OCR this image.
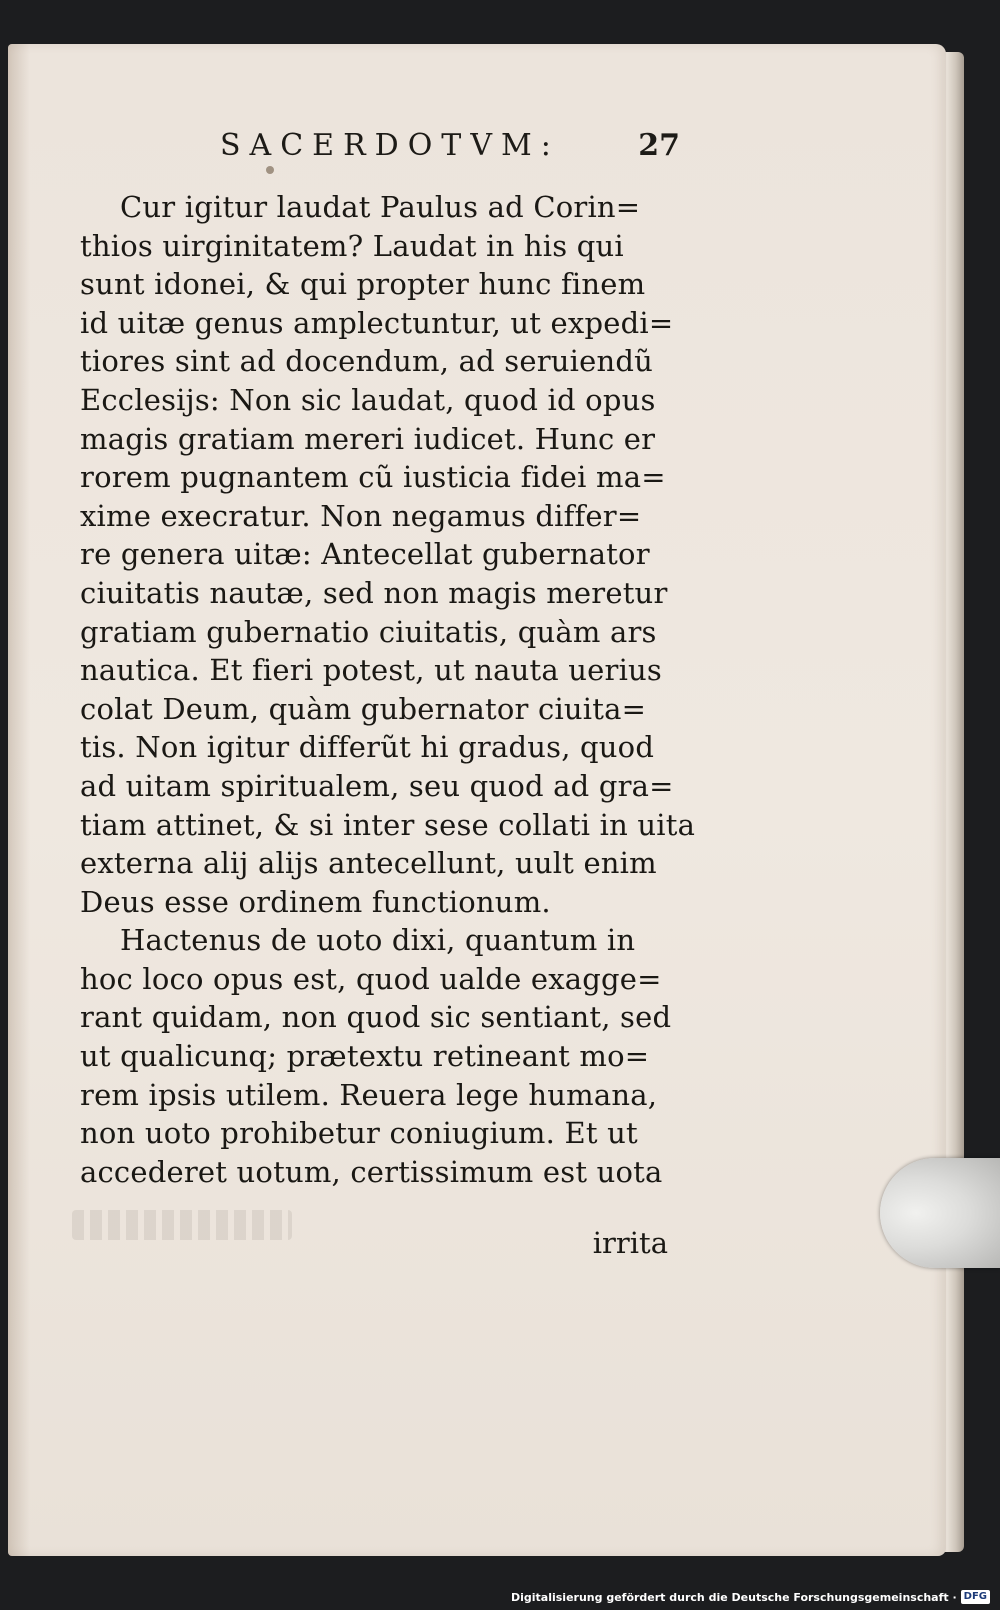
SACERDOTVM:	27
Cur igitur laudat Paulus ad Corin=
thios uirginitatem? Laudat in his qui
sunt idonei, & qui propter hunc finem
id uitæ genus amplectuntur, ut expedi=
tiores sint ad docendum, ad seruiendũ
Ecclesijs: Non sic laudat, quod id opus
magis gratiam mereri iudicet. Hunc er
rorem pugnantem cũ iusticia fidei ma=
xime execratur. Non negamus differ=
re genera uitæ: Antecellat gubernator
ciuitatis nautæ, sed non magis meretur
gratiam gubernatio ciuitatis, quàm ars
nautica. Et fieri potest, ut nauta uerius
colat Deum, quàm gubernator ciuita=
tis. Non igitur differũt hi gradus, quod
ad uitam spiritualem, seu quod ad gra=
tiam attinet, & si inter sese collati in uita
externa alij alijs antecellunt, uult enim
Deus esse ordinem functionum.
Hactenus de uoto dixi, quantum in
hoc loco opus est, quod ualde exagge=
rant quidam, non quod sic sentiant, sed
ut qualicunq; prætextu retineant mo=
rem ipsis utilem. Reuera lege humana,
non uoto prohibetur coniugium. Et ut
accederet uotum, certissimum est uota
irrita
Digitalisierung gefördert durch die Deutsche Forschungsgemeinschaft · DFG
